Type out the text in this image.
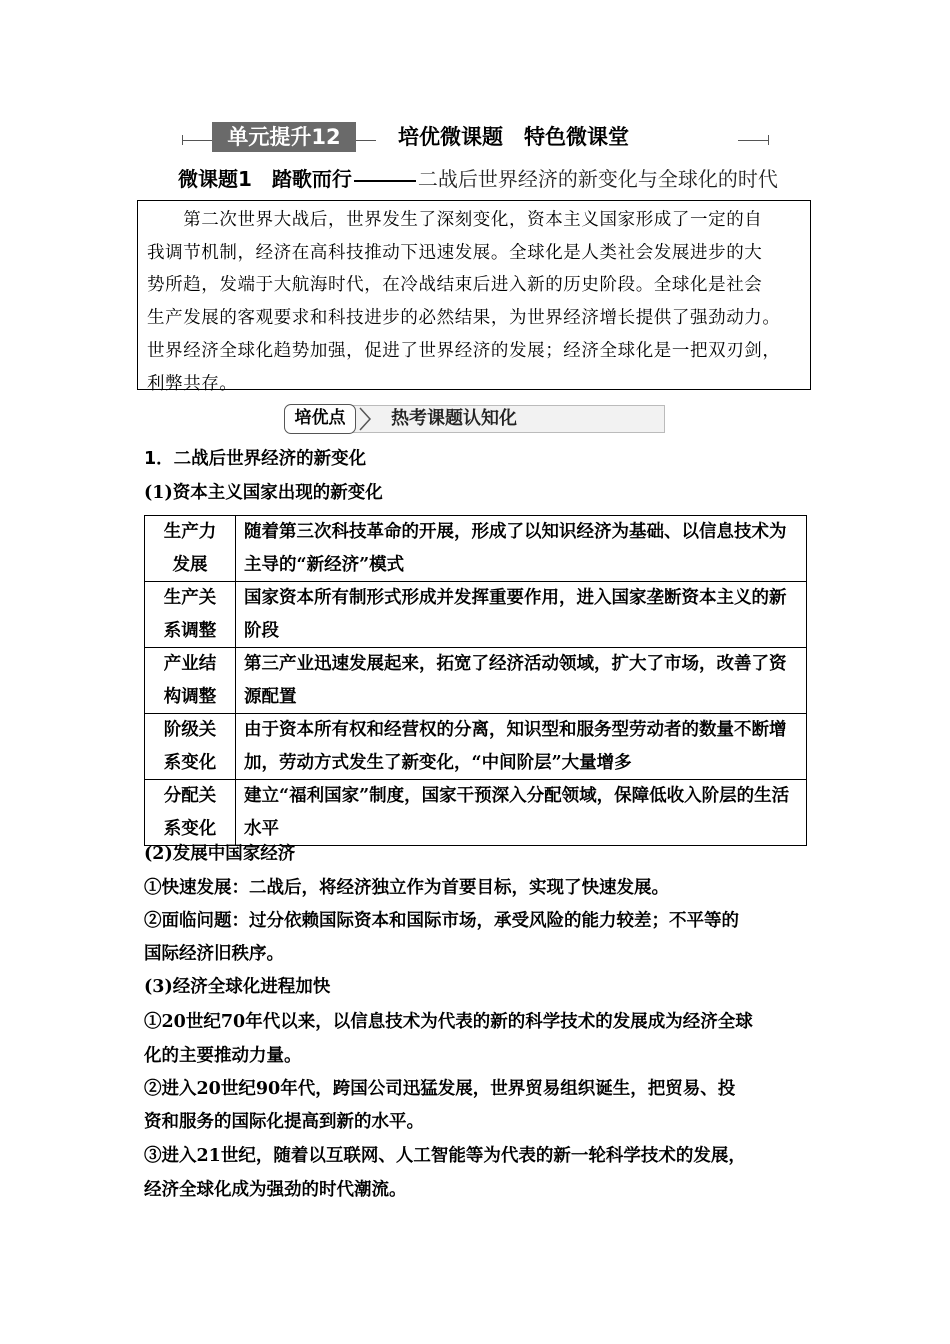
单元提升12	培优微课题　特色微课堂
微课题1　踏歌而行	二战后世界经济的新变化与全球化的时代
　　第二次世界大战后，世界发生了深刻变化，资本主义国家形成了一定的自
我调节机制，经济在高科技推动下迅速发展。全球化是人类社会发展进步的大
势所趋，发端于大航海时代，在冷战结束后进入新的历史阶段。全球化是社会
生产发展的客观要求和科技进步的必然结果，为世界经济增长提供了强劲动力。
世界经济全球化趋势加强，促进了世界经济的发展；经济全球化是一把双刃剑，
利弊共存。
培优点	热考课题认知化
1．二战后世界经济的新变化
(1)资本主义国家出现的新变化
生产力
发展	随着第三次科技革命的开展，形成了以知识经济为基础、以信息技术为主导的“新经济”模式
生产关
系调整	国家资本所有制形式形成并发挥重要作用，进入国家垄断资本主义的新阶段
产业结
构调整	第三产业迅速发展起来，拓宽了经济活动领域，扩大了市场，改善了资源配置
阶级关
系变化	由于资本所有权和经营权的分离，知识型和服务型劳动者的数量不断增加，劳动方式发生了新变化，“中间阶层”大量增多
分配关
系变化	建立“福利国家”制度，国家干预深入分配领域，保障低收入阶层的生活水平
(2)发展中国家经济
①快速发展：二战后，将经济独立作为首要目标，实现了快速发展。
②面临问题：过分依赖国际资本和国际市场，承受风险的能力较差；不平等的
国际经济旧秩序。
(3)经济全球化进程加快
①20世纪70年代以来，以信息技术为代表的新的科学技术的发展成为经济全球
化的主要推动力量。
②进入20世纪90年代，跨国公司迅猛发展，世界贸易组织诞生，把贸易、投
资和服务的国际化提高到新的水平。
③进入21世纪，随着以互联网、人工智能等为代表的新一轮科学技术的发展，
经济全球化成为强劲的时代潮流。
